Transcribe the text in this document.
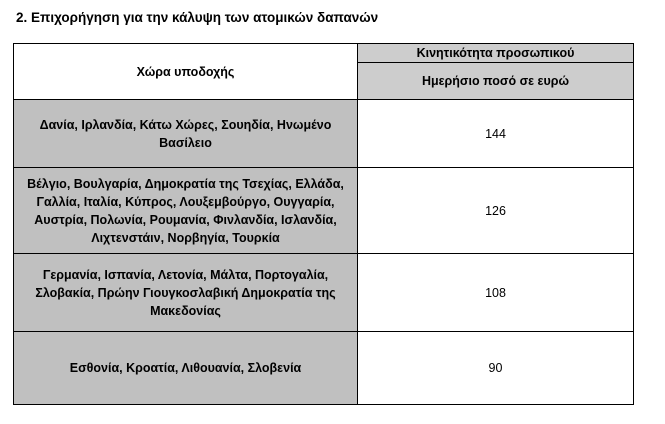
2. Επιχορήγηση για την κάλυψη των ατομικών δαπανών
Χώρα υποδοχής	Κινητικότητα προσωπικού
	Ημερήσιο ποσό σε ευρώ
Δανία, Ιρλανδία, Κάτω Χώρες, Σουηδία, Ηνωμένο Βασίλειο	144
Βέλγιο, Βουλγαρία, Δημοκρατία της Τσεχίας, Ελλάδα, Γαλλία, Ιταλία, Κύπρος, Λουξεμβούργο, Ουγγαρία, Αυστρία, Πολωνία, Ρουμανία, Φινλανδία, Ισλανδία, Λιχτενστάιν, Νορβηγία, Τουρκία	126
Γερμανία, Ισπανία, Λετονία, Μάλτα, Πορτογαλία, Σλοβακία, Πρώην Γιουγκοσλαβική Δημοκρατία της Μακεδονίας	108
Εσθονία, Κροατία, Λιθουανία, Σλοβενία	90
